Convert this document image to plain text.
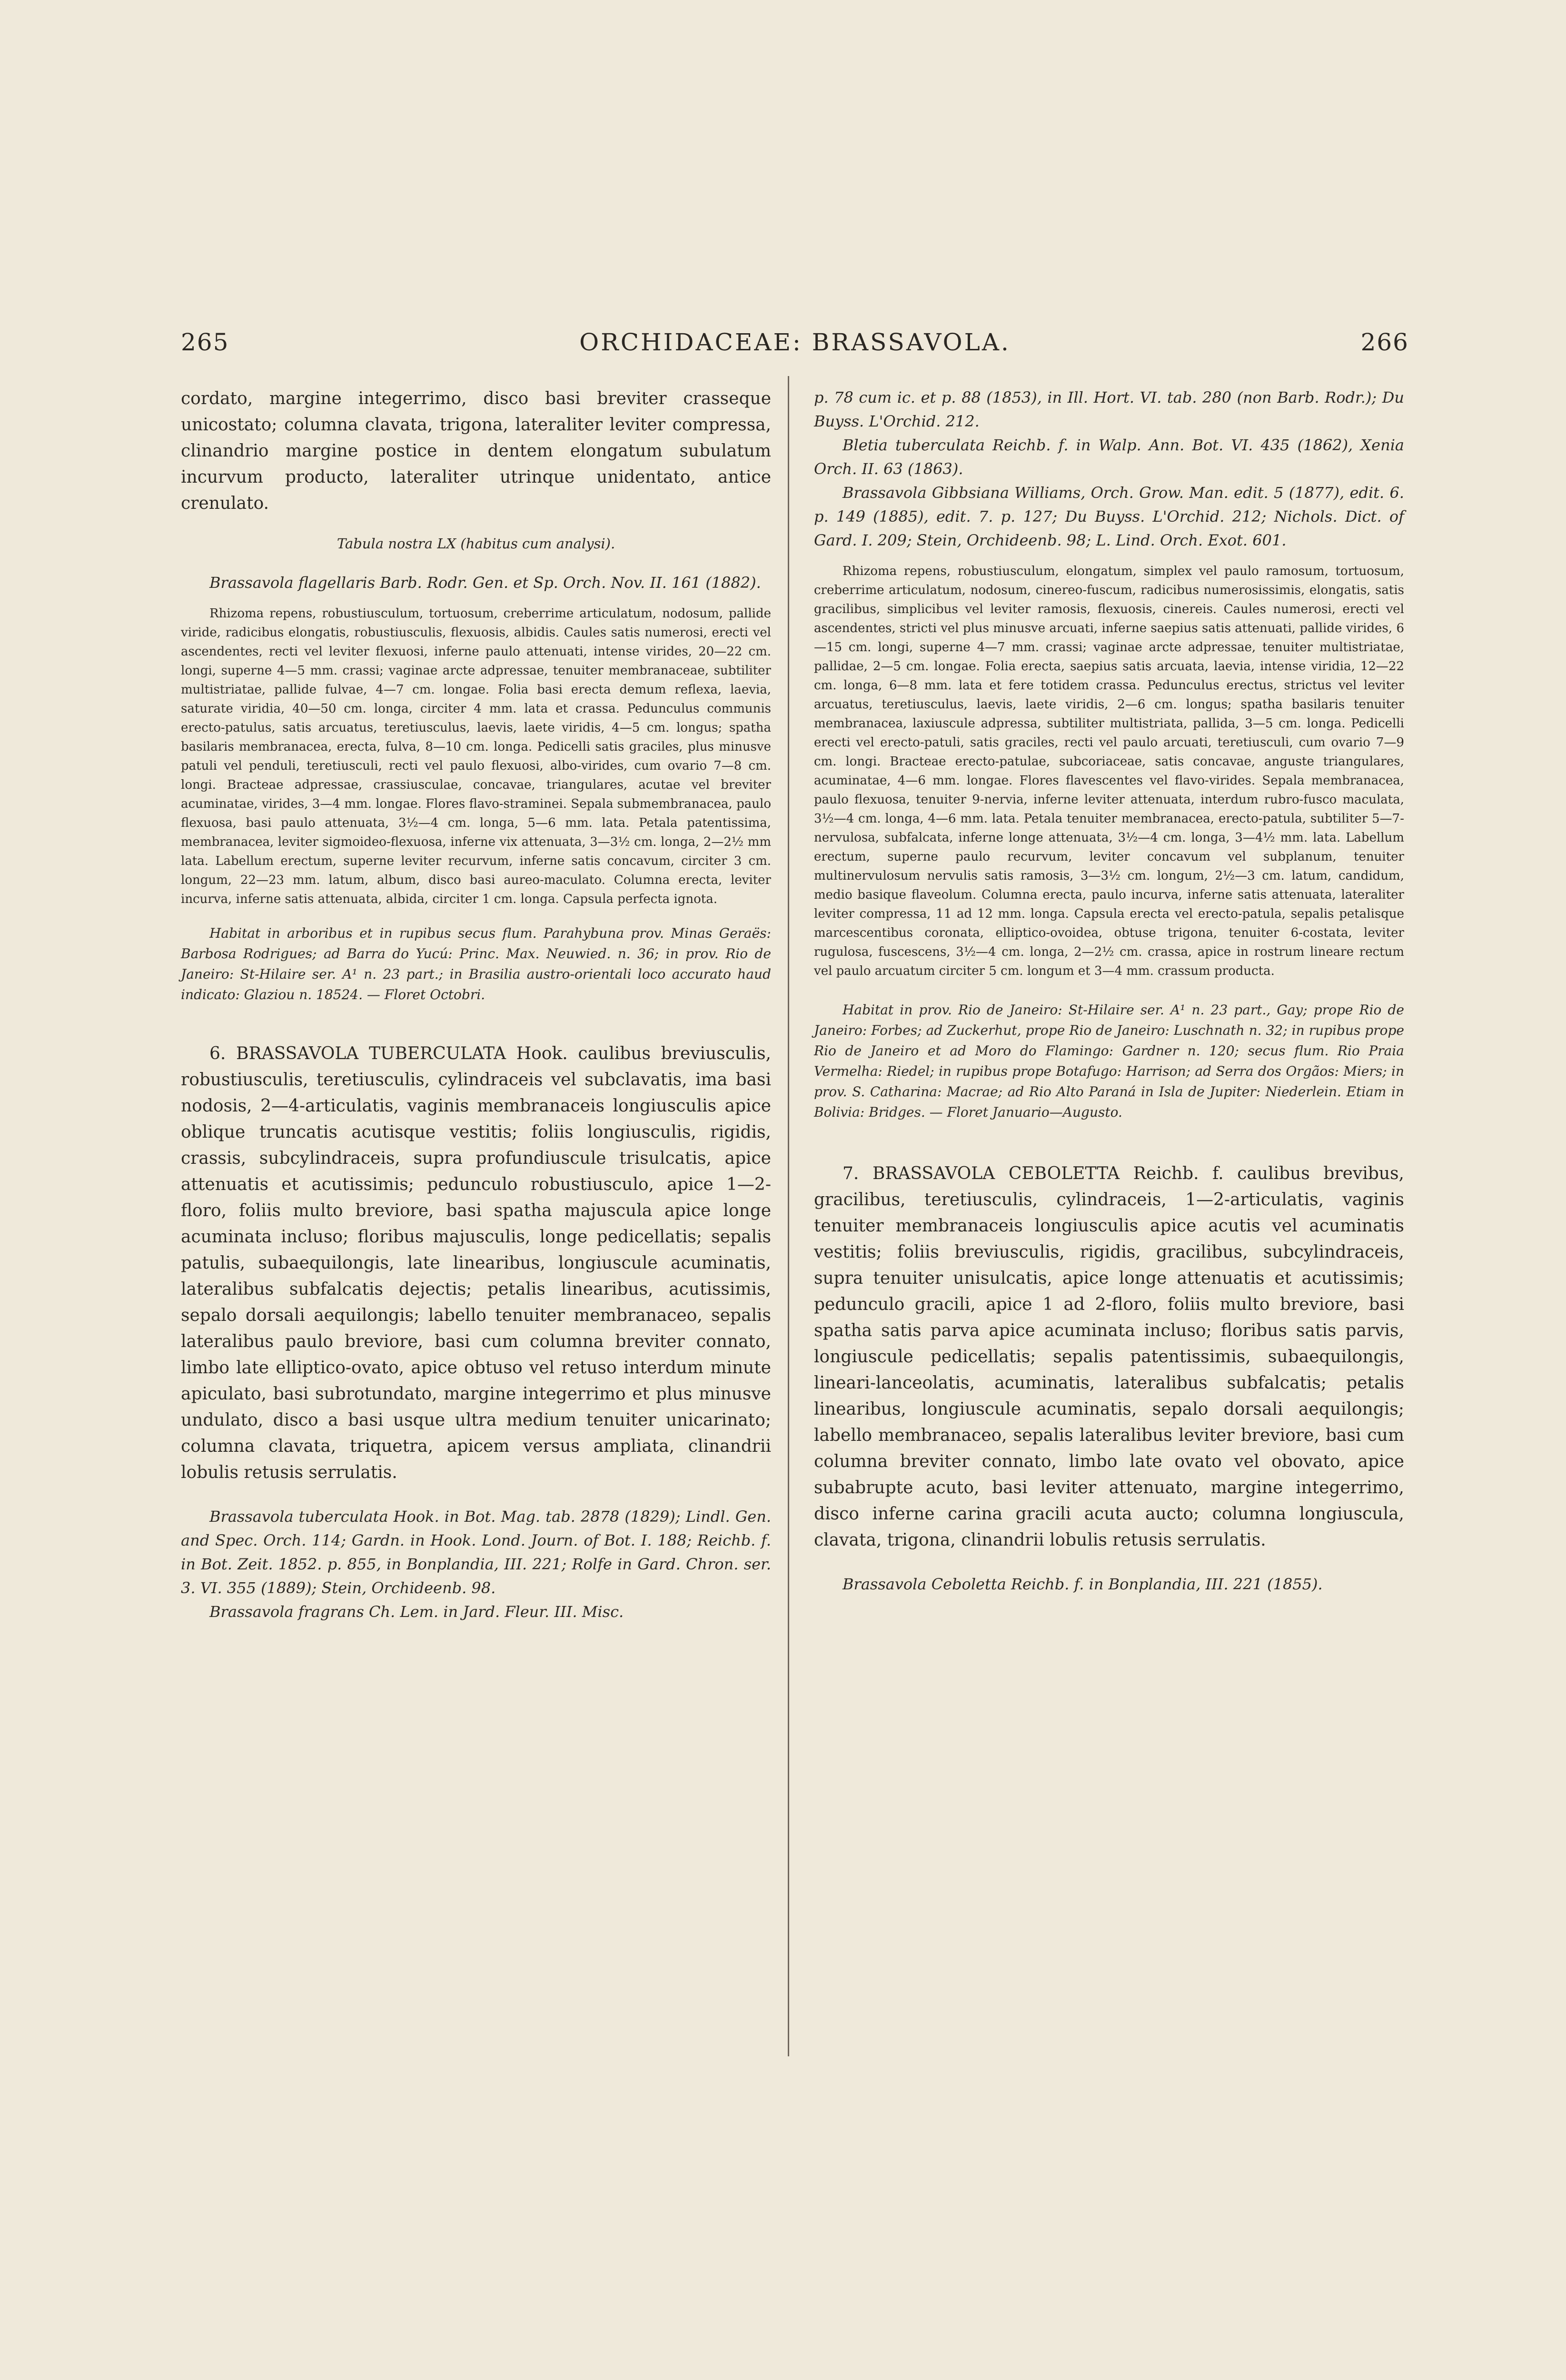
265	ORCHIDACEAE: BRASSAVOLA.	266

cordato, margine integerrimo, disco basi breviter crasseque unicostato; columna clavata, trigona, lateraliter leviter compressa, clinandrio margine postice in dentem elongatum subulatum incurvum producto, lateraliter utrinque unidentato, antice crenulato.

Tabula nostra LX (habitus cum analysi).

Brassavola flagellaris Barb. Rodr. Gen. et Sp. Orch. Nov. II. 161 (1882).

Rhizoma repens, robustiusculum, tortuosum, creberrime articulatum, nodosum, pallide viride, radicibus elongatis, robustiusculis, flexuosis, albidis. Caules satis numerosi, erecti vel ascendentes, recti vel leviter flexuosi, inferne paulo attenuati, intense virides, 20—22 cm. longi, superne 4—5 mm. crassi; vaginae arcte adpressae, tenuiter membranaceae, subtiliter multistriatae, pallide fulvae, 4—7 cm. longae. Folia basi erecta demum reflexa, laevia, saturate viridia, 40—50 cm. longa, circiter 4 mm. lata et crassa. Pedunculus communis erecto-patulus, satis arcuatus, teretiusculus, laevis, laete viridis, 4—5 cm. longus; spatha basilaris membranacea, erecta, fulva, 8—10 cm. longa. Pedicelli satis graciles, plus minusve patuli vel penduli, teretiusculi, recti vel paulo flexuosi, albo-virides, cum ovario 7—8 cm. longi. Bracteae adpressae, crassiusculae, concavae, triangulares, acutae vel breviter acuminatae, virides, 3—4 mm. longae. Flores flavo-straminei. Sepala submembranacea, paulo flexuosa, basi paulo attenuata, 3½—4 cm. longa, 5—6 mm. lata. Petala patentissima, membranacea, leviter sigmoideo-flexuosa, inferne vix attenuata, 3—3½ cm. longa, 2—2½ mm lata. Labellum erectum, superne leviter recurvum, inferne satis concavum, circiter 3 cm. longum, 22—23 mm. latum, album, disco basi aureo-maculato. Columna erecta, leviter incurva, inferne satis attenuata, albida, circiter 1 cm. longa. Capsula perfecta ignota.

Habitat in arboribus et in rupibus secus flum. Parahybuna prov. Minas Geraës: Barbosa Rodrigues; ad Barra do Yucú: Princ. Max. Neuwied. n. 36; in prov. Rio de Janeiro: St-Hilaire ser. A¹ n. 23 part.; in Brasilia austro-orientali loco accurato haud indicato: Glaziou n. 18524. — Floret Octobri.

6. BRASSAVOLA TUBERCULATA Hook. caulibus breviusculis, robustiusculis, teretiusculis, cylindraceis vel subclavatis, ima basi nodosis, 2—4-articulatis, vaginis membranaceis longiusculis apice oblique truncatis acutisque vestitis; foliis longiusculis, rigidis, crassis, subcylindraceis, supra profundiuscule trisulcatis, apice attenuatis et acutissimis; pedunculo robustiusculo, apice 1—2-floro, foliis multo breviore, basi spatha majuscula apice longe acuminata incluso; floribus majusculis, longe pedicellatis; sepalis patulis, subaequilongis, late linearibus, longiuscule acuminatis, lateralibus subfalcatis dejectis; petalis linearibus, acutissimis, sepalo dorsali aequilongis; labello tenuiter membranaceo, sepalis lateralibus paulo breviore, basi cum columna breviter connato, limbo late elliptico-ovato, apice obtuso vel retuso interdum minute apiculato, basi subrotundato, margine integerrimo et plus minusve undulato, disco a basi usque ultra medium tenuiter unicarinato; columna clavata, triquetra, apicem versus ampliata, clinandrii lobulis retusis serrulatis.

Brassavola tuberculata Hook. in Bot. Mag. tab. 2878 (1829); Lindl. Gen. and Spec. Orch. 114; Gardn. in Hook. Lond. Journ. of Bot. I. 188; Reichb. f. in Bot. Zeit. 1852. p. 855, in Bonplandia, III. 221; Rolfe in Gard. Chron. ser. 3. VI. 355 (1889); Stein, Orchideenb. 98.

Brassavola fragrans Ch. Lem. in Jard. Fleur. III. Misc.

p. 78 cum ic. et p. 88 (1853), in Ill. Hort. VI. tab. 280 (non Barb. Rodr.); Du Buyss. L'Orchid. 212.

Bletia tuberculata Reichb. f. in Walp. Ann. Bot. VI. 435 (1862), Xenia Orch. II. 63 (1863).

Brassavola Gibbsiana Williams, Orch. Grow. Man. edit. 5 (1877), edit. 6. p. 149 (1885), edit. 7. p. 127; Du Buyss. L'Orchid. 212; Nichols. Dict. of Gard. I. 209; Stein, Orchideenb. 98; L. Lind. Orch. Exot. 601.

Rhizoma repens, robustiusculum, elongatum, simplex vel paulo ramosum, tortuosum, creberrime articulatum, nodosum, cinereo-fuscum, radicibus numerosissimis, elongatis, satis gracilibus, simplicibus vel leviter ramosis, flexuosis, cinereis. Caules numerosi, erecti vel ascendentes, stricti vel plus minusve arcuati, inferne saepius satis attenuati, pallide virides, 6—15 cm. longi, superne 4—7 mm. crassi; vaginae arcte adpressae, tenuiter multistriatae, pallidae, 2—5 cm. longae. Folia erecta, saepius satis arcuata, laevia, intense viridia, 12—22 cm. longa, 6—8 mm. lata et fere totidem crassa. Pedunculus erectus, strictus vel leviter arcuatus, teretiusculus, laevis, laete viridis, 2—6 cm. longus; spatha basilaris tenuiter membranacea, laxiuscule adpressa, subtiliter multistriata, pallida, 3—5 cm. longa. Pedicelli erecti vel erecto-patuli, satis graciles, recti vel paulo arcuati, teretiusculi, cum ovario 7—9 cm. longi. Bracteae erecto-patulae, subcoriaceae, satis concavae, anguste triangulares, acuminatae, 4—6 mm. longae. Flores flavescentes vel flavo-virides. Sepala membranacea, paulo flexuosa, tenuiter 9-nervia, inferne leviter attenuata, interdum rubro-fusco maculata, 3½—4 cm. longa, 4—6 mm. lata. Petala tenuiter membranacea, erecto-patula, subtiliter 5—7-nervulosa, subfalcata, inferne longe attenuata, 3½—4 cm. longa, 3—4½ mm. lata. Labellum erectum, superne paulo recurvum, leviter concavum vel subplanum, tenuiter multinervulosum nervulis satis ramosis, 3—3½ cm. longum, 2½—3 cm. latum, candidum, medio basique flaveolum. Columna erecta, paulo incurva, inferne satis attenuata, lateraliter leviter compressa, 11 ad 12 mm. longa. Capsula erecta vel erecto-patula, sepalis petalisque marcescentibus coronata, elliptico-ovoidea, obtuse trigona, tenuiter 6-costata, leviter rugulosa, fuscescens, 3½—4 cm. longa, 2—2½ cm. crassa, apice in rostrum lineare rectum vel paulo arcuatum circiter 5 cm. longum et 3—4 mm. crassum producta.

Habitat in prov. Rio de Janeiro: St-Hilaire ser. A¹ n. 23 part., Gay; prope Rio de Janeiro: Forbes; ad Zuckerhut, prope Rio de Janeiro: Luschnath n. 32; in rupibus prope Rio de Janeiro et ad Moro do Flamingo: Gardner n. 120; secus flum. Rio Praia Vermelha: Riedel; in rupibus prope Botafugo: Harrison; ad Serra dos Orgãos: Miers; in prov. S. Catharina: Macrae; ad Rio Alto Paraná in Isla de Jupiter: Niederlein. Etiam in Bolivia: Bridges. — Floret Januario—Augusto.

7. BRASSAVOLA CEBOLETTA Reichb. f. caulibus brevibus, gracilibus, teretiusculis, cylindraceis, 1—2-articulatis, vaginis tenuiter membranaceis longiusculis apice acutis vel acuminatis vestitis; foliis breviusculis, rigidis, gracilibus, subcylindraceis, supra tenuiter unisulcatis, apice longe attenuatis et acutissimis; pedunculo gracili, apice 1 ad 2-floro, foliis multo breviore, basi spatha satis parva apice acuminata incluso; floribus satis parvis, longiuscule pedicellatis; sepalis patentissimis, subaequilongis, lineari-lanceolatis, acuminatis, lateralibus subfalcatis; petalis linearibus, longiuscule acuminatis, sepalo dorsali aequilongis; labello membranaceo, sepalis lateralibus leviter breviore, basi cum columna breviter connato, limbo late ovato vel obovato, apice subabrupte acuto, basi leviter attenuato, margine integerrimo, disco inferne carina gracili acuta aucto; columna longiuscula, clavata, trigona, clinandrii lobulis retusis serrulatis.

Brassavola Ceboletta Reichb. f. in Bonplandia, III. 221 (1855).
